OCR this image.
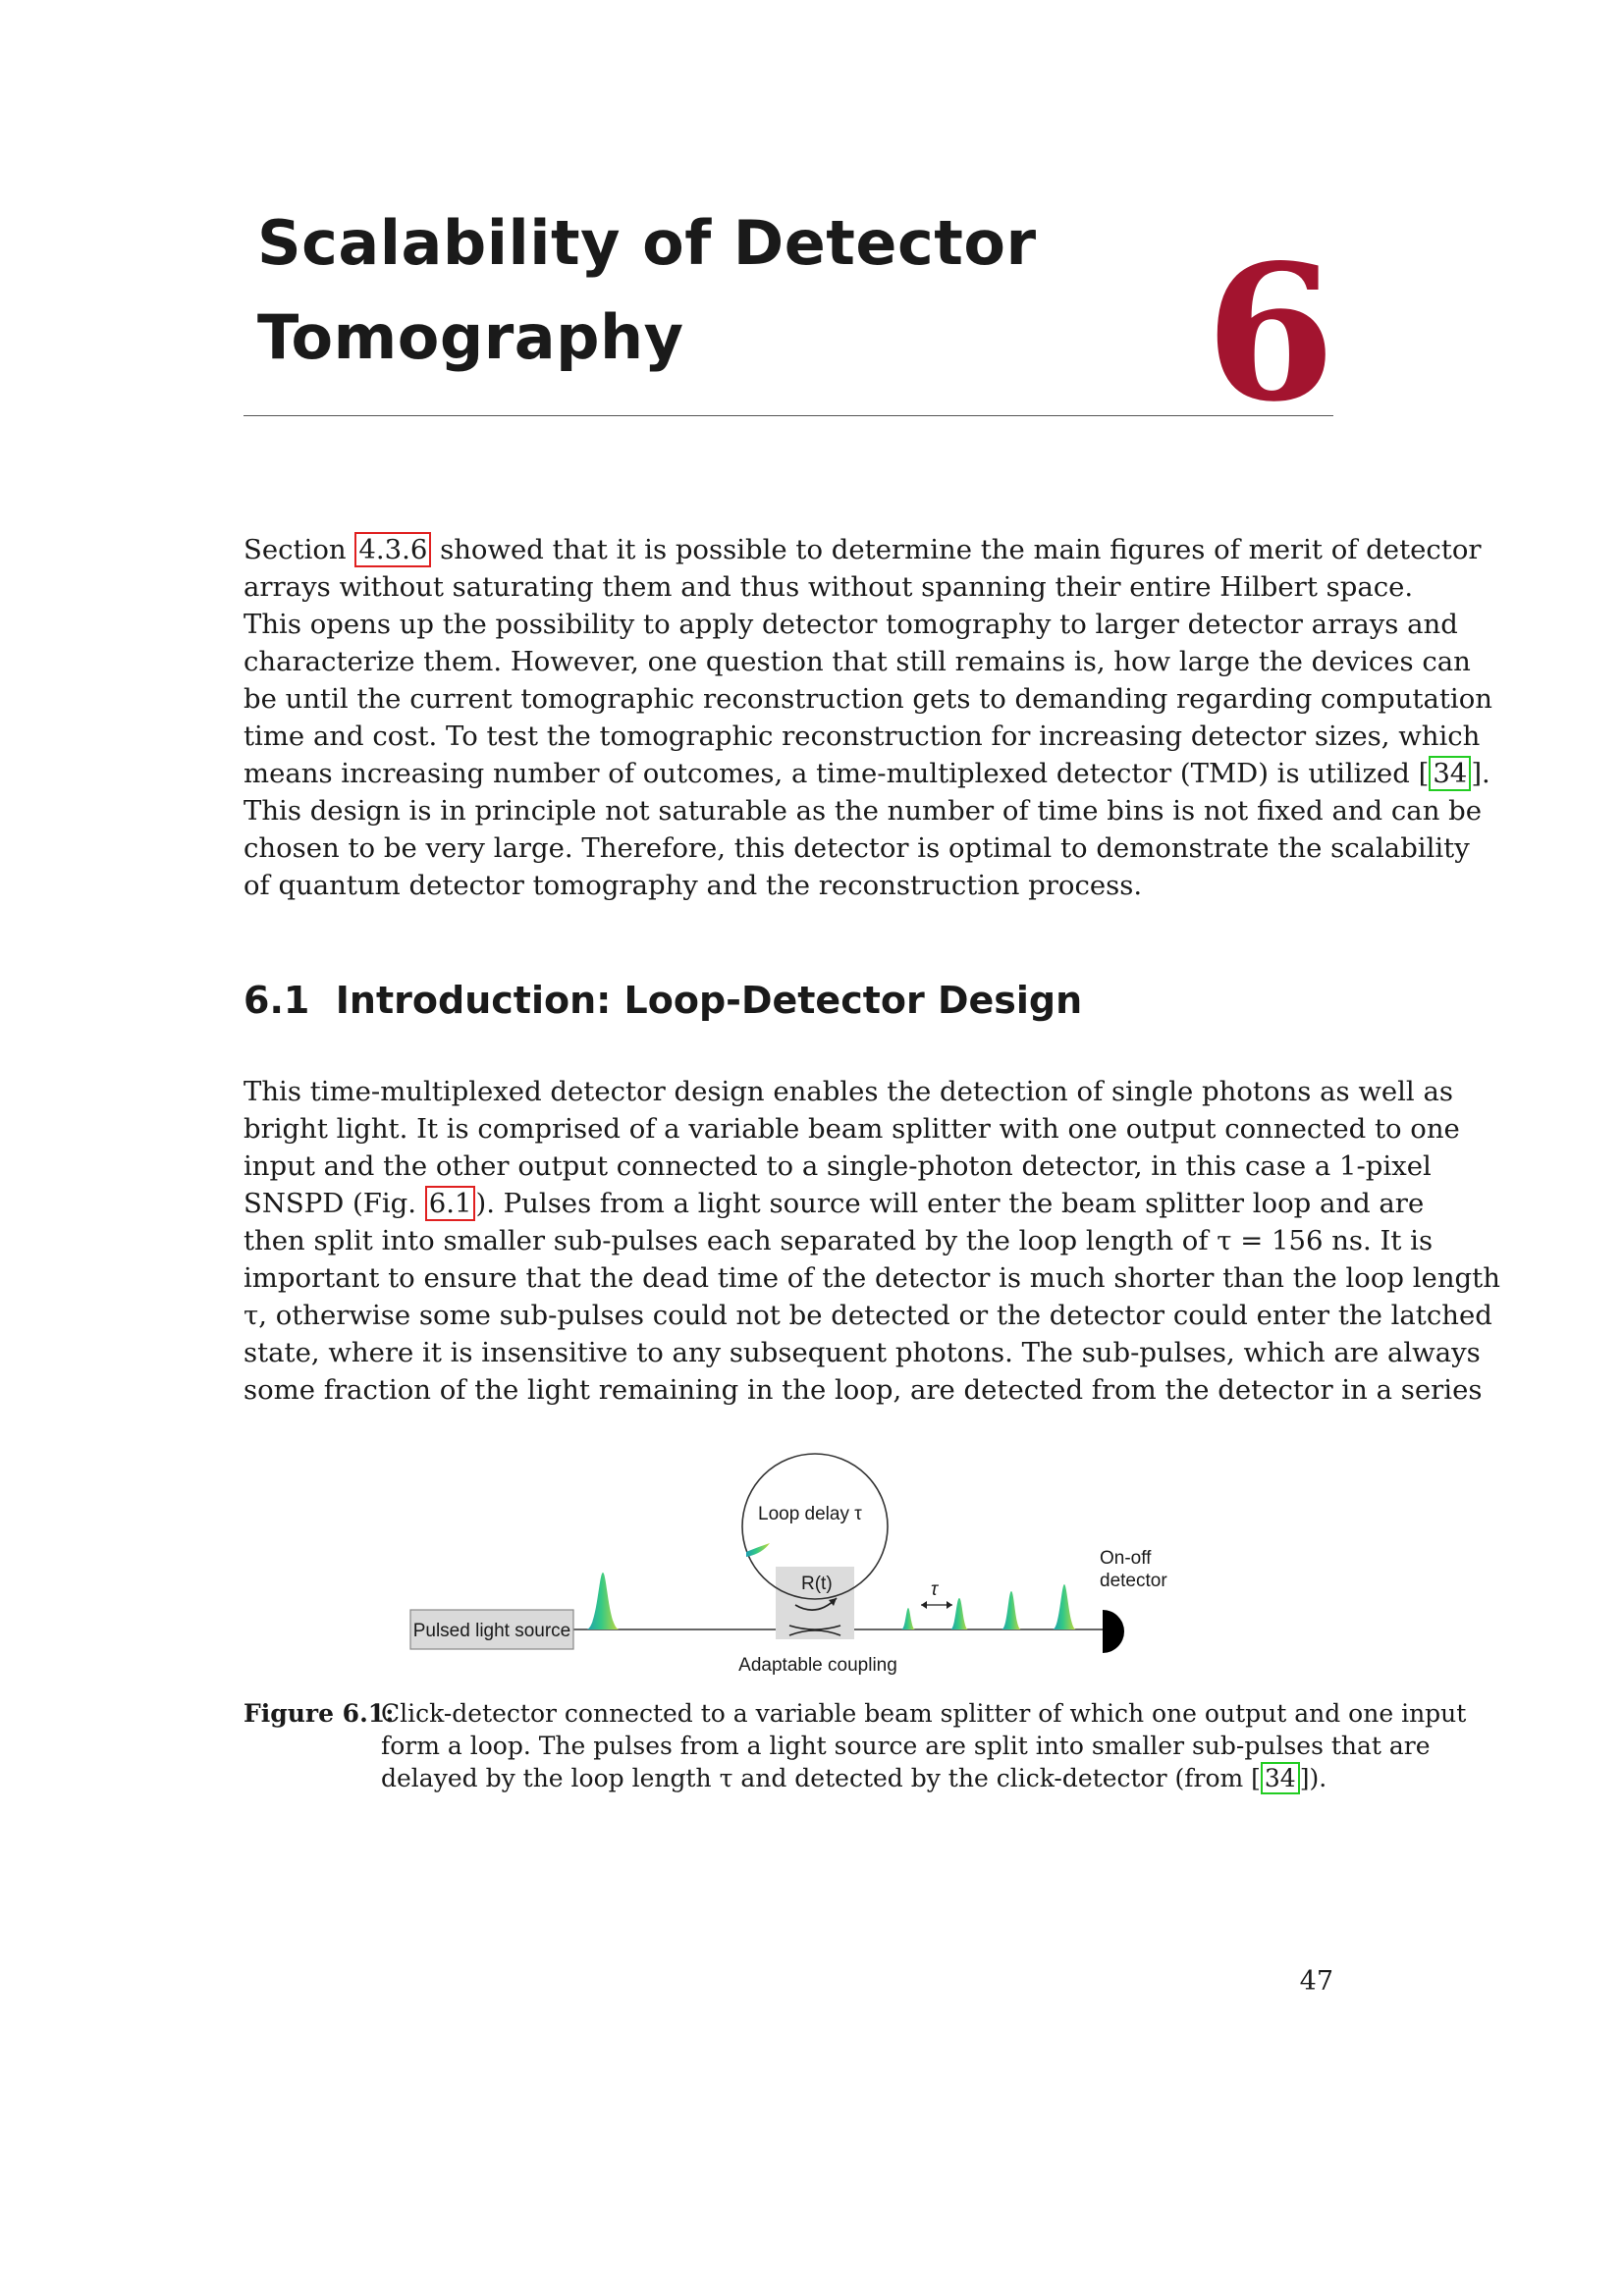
Scalability of Detector
Tomography	6
Section 4.3.6 showed that it is possible to determine the main figures of merit of detector
arrays without saturating them and thus without spanning their entire Hilbert space.
This opens up the possibility to apply detector tomography to larger detector arrays and
characterize them. However, one question that still remains is, how large the devices can
be until the current tomographic reconstruction gets to demanding regarding computation
time and cost. To test the tomographic reconstruction for increasing detector sizes, which
means increasing number of outcomes, a time-multiplexed detector (TMD) is utilized [ 34 ].
This design is in principle not saturable as the number of time bins is not fixed and can be
chosen to be very large. Therefore, this detector is optimal to demonstrate the scalability
of quantum detector tomography and the reconstruction process.
6.1 Introduction: Loop-Detector Design
This time-multiplexed detector design enables the detection of single photons as well as
bright light. It is comprised of a variable beam splitter with one output connected to one
input and the other output connected to a single-photon detector, in this case a 1-pixel
SNSPD (Fig. 6.1 ). Pulses from a light source will enter the beam splitter loop and are
then split into smaller sub-pulses each separated by the loop length of τ = 156 ns. It is
important to ensure that the dead time of the detector is much shorter than the loop length
τ, otherwise some sub-pulses could not be detected or the detector could enter the latched
state, where it is insensitive to any subsequent photons. The sub-pulses, which are always
some fraction of the light remaining in the loop, are detected from the detector in a series
Pulsed light source
Loop delay τ
R(t)	τ
On-off
detector
Adaptable coupling
Figure 6.1:
Click-detector connected to a variable beam splitter of which one output and one input
form a loop. The pulses from a light source are split into smaller sub-pulses that are
delayed by the loop length τ and detected by the click-detector (from [ 34 ]).
47
